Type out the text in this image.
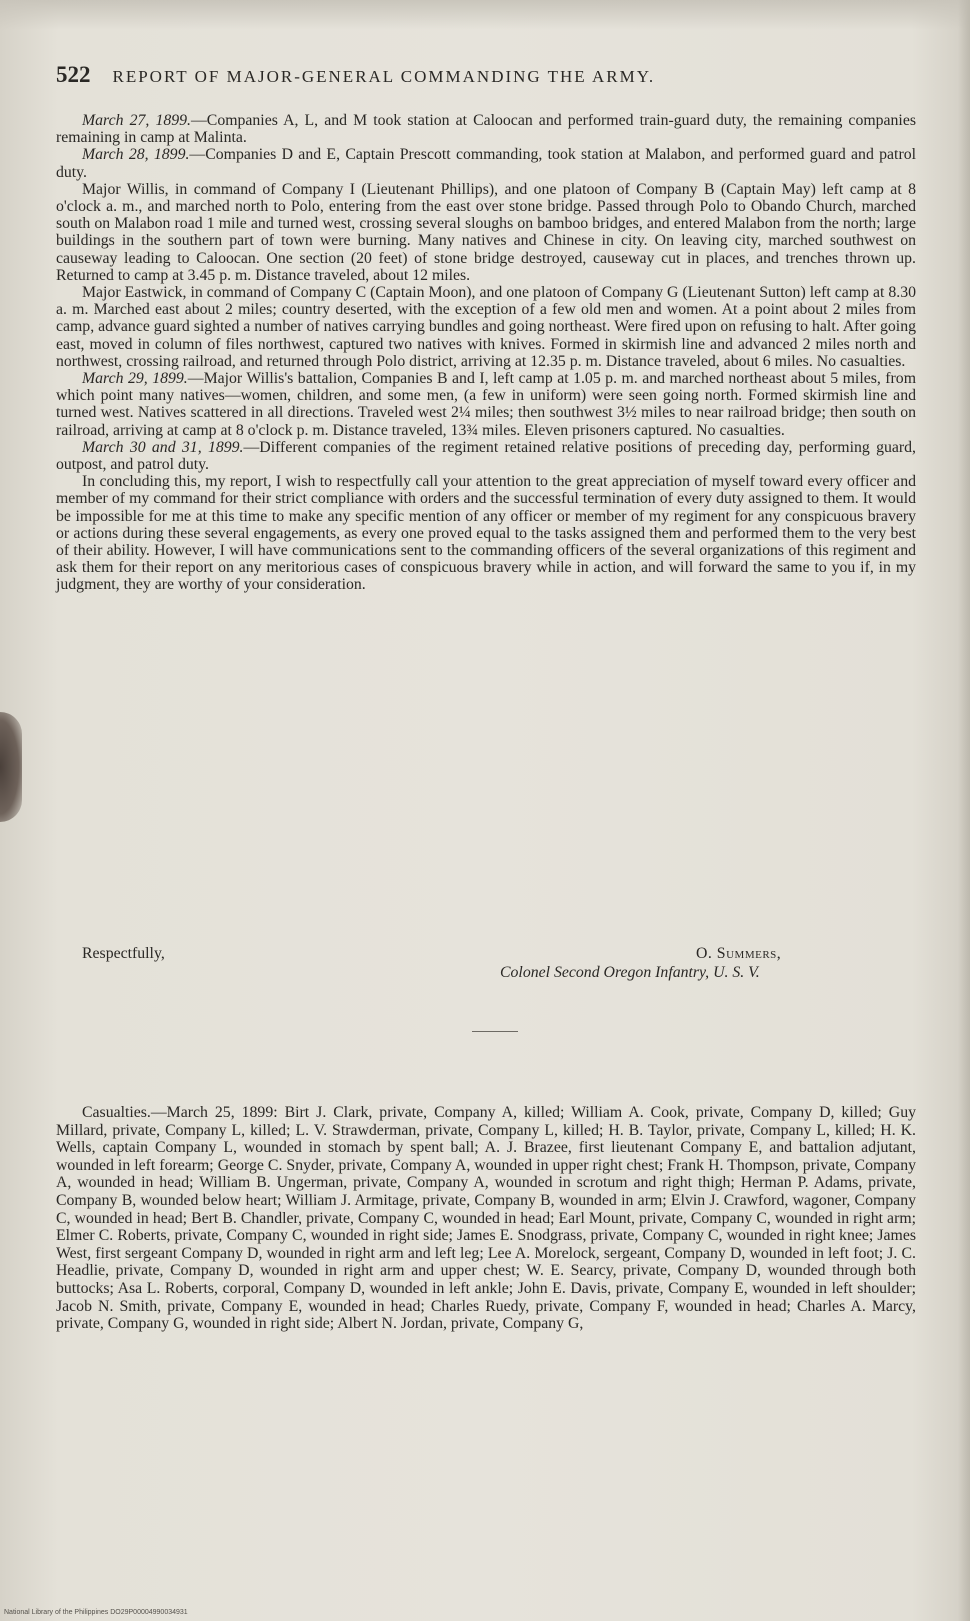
522 REPORT OF MAJOR-GENERAL COMMANDING THE ARMY.

March 27, 1899.—Companies A, L, and M took station at Caloocan and performed train-guard duty, the remaining companies remaining in camp at Malinta.

March 28, 1899.—Companies D and E, Captain Prescott commanding, took station at Malabon, and performed guard and patrol duty.

Major Willis, in command of Company I (Lieutenant Phillips), and one platoon of Company B (Captain May) left camp at 8 o'clock a. m., and marched north to Polo, entering from the east over stone bridge. Passed through Polo to Obando Church, marched south on Malabon road 1 mile and turned west, crossing several sloughs on bamboo bridges, and entered Malabon from the north; large buildings in the southern part of town were burning. Many natives and Chinese in city. On leaving city, marched southwest on causeway leading to Caloocan. One section (20 feet) of stone bridge destroyed, causeway cut in places, and trenches thrown up. Returned to camp at 3.45 p. m. Distance traveled, about 12 miles.

Major Eastwick, in command of Company C (Captain Moon), and one platoon of Company G (Lieutenant Sutton) left camp at 8.30 a. m. Marched east about 2 miles; country deserted, with the exception of a few old men and women. At a point about 2 miles from camp, advance guard sighted a number of natives carrying bundles and going northeast. Were fired upon on refusing to halt. After going east, moved in column of files northwest, captured two natives with knives. Formed in skirmish line and advanced 2 miles north and northwest, crossing railroad, and returned through Polo district, arriving at 12.35 p. m. Distance traveled, about 6 miles. No casualties.

March 29, 1899.—Major Willis's battalion, Companies B and I, left camp at 1.05 p. m. and marched northeast about 5 miles, from which point many natives—women, children, and some men, (a few in uniform) were seen going north. Formed skirmish line and turned west. Natives scattered in all directions. Traveled west 2¼ miles; then southwest 3½ miles to near railroad bridge; then south on railroad, arriving at camp at 8 o'clock p. m. Distance traveled, 13¾ miles. Eleven prisoners captured. No casualties.

March 30 and 31, 1899.—Different companies of the regiment retained relative positions of preceding day, performing guard, outpost, and patrol duty.

In concluding this, my report, I wish to respectfully call your attention to the great appreciation of myself toward every officer and member of my command for their strict compliance with orders and the successful termination of every duty assigned to them. It would be impossible for me at this time to make any specific mention of any officer or member of my regiment for any conspicuous bravery or actions during these several engagements, as every one proved equal to the tasks assigned them and performed them to the very best of their ability. However, I will have communications sent to the commanding officers of the several organizations of this regiment and ask them for their report on any meritorious cases of conspicuous bravery while in action, and will forward the same to you if, in my judgment, they are worthy of your consideration.

Respectfully,	O. Summers,
Colonel Second Oregon Infantry, U. S. V.

Casualties.—March 25, 1899: Birt J. Clark, private, Company A, killed; William A. Cook, private, Company D, killed; Guy Millard, private, Company L, killed; L. V. Strawderman, private, Company L, killed; H. B. Taylor, private, Company L, killed; H. K. Wells, captain Company L, wounded in stomach by spent ball; A. J. Brazee, first lieutenant Company E, and battalion adjutant, wounded in left forearm; George C. Snyder, private, Company A, wounded in upper right chest; Frank H. Thompson, private, Company A, wounded in head; William B. Ungerman, private, Company A, wounded in scrotum and right thigh; Herman P. Adams, private, Company B, wounded below heart; William J. Armitage, private, Company B, wounded in arm; Elvin J. Crawford, wagoner, Company C, wounded in head; Bert B. Chandler, private, Company C, wounded in head; Earl Mount, private, Company C, wounded in right arm; Elmer C. Roberts, private, Company C, wounded in right side; James E. Snodgrass, private, Company C, wounded in right knee; James West, first sergeant Company D, wounded in right arm and left leg; Lee A. Morelock, sergeant, Company D, wounded in left foot; J. C. Headlie, private, Company D, wounded in right arm and upper chest; W. E. Searcy, private, Company D, wounded through both buttocks; Asa L. Roberts, corporal, Company D, wounded in left ankle; John E. Davis, private, Company E, wounded in left shoulder; Jacob N. Smith, private, Company E, wounded in head; Charles Ruedy, private, Company F, wounded in head; Charles A. Marcy, private, Company G, wounded in right side; Albert N. Jordan, private, Company G,

National Library of the Philippines DO29P00004990034931
